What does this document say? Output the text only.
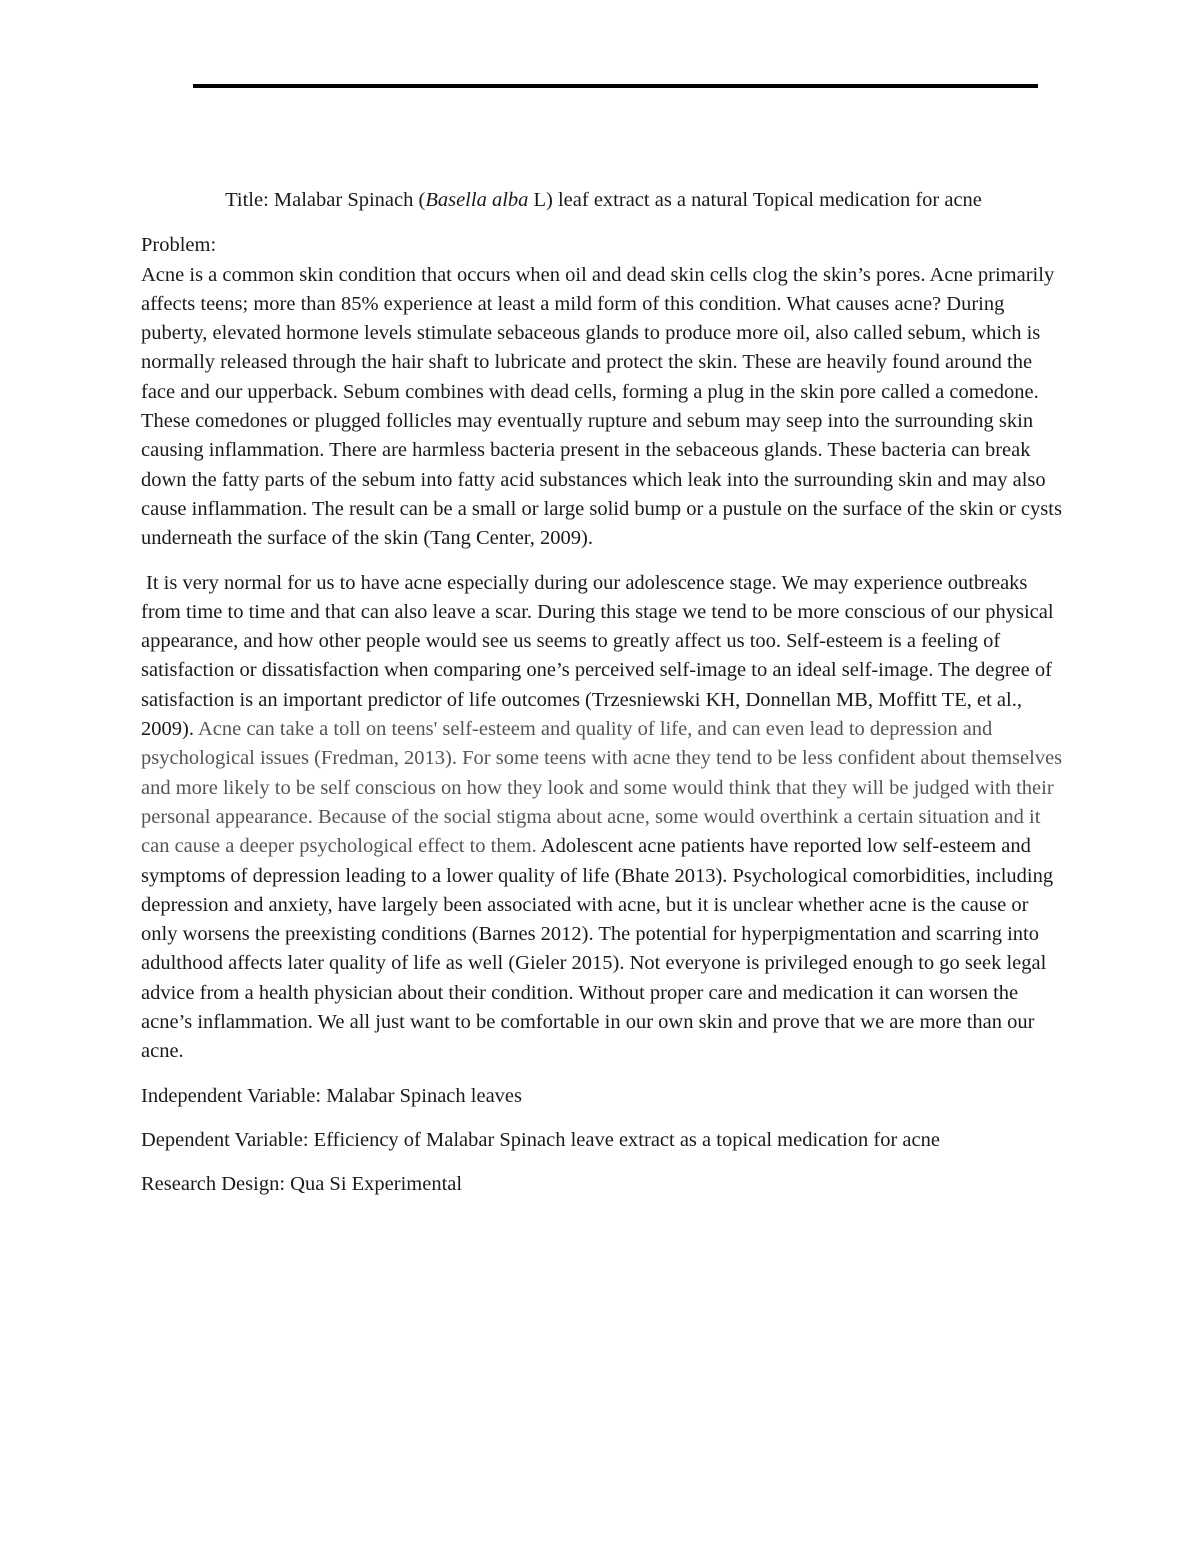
Title: Malabar Spinach (Basella alba L) leaf extract as a natural Topical medication for acne

Problem:

Acne is a common skin condition that occurs when oil and dead skin cells clog the skin’s pores. Acne primarily affects teens; more than 85% experience at least a mild form of this condition. What causes acne? During puberty, elevated hormone levels stimulate sebaceous glands to produce more oil, also called sebum, which is normally released through the hair shaft to lubricate and protect the skin. These are heavily found around the face and our upperback. Sebum combines with dead cells, forming a plug in the skin pore called a comedone. These comedones or plugged follicles may eventually rupture and sebum may seep into the surrounding skin causing inflammation. There are harmless bacteria present in the sebaceous glands. These bacteria can break down the fatty parts of the sebum into fatty acid substances which leak into the surrounding skin and may also cause inflammation. The result can be a small or large solid bump or a pustule on the surface of the skin or cysts underneath the surface of the skin (Tang Center, 2009).

It is very normal for us to have acne especially during our adolescence stage. We may experience outbreaks from time to time and that can also leave a scar. During this stage we tend to be more conscious of our physical appearance, and how other people would see us seems to greatly affect us too. Self-esteem is a feeling of satisfaction or dissatisfaction when comparing one’s perceived self-image to an ideal self-image. The degree of satisfaction is an important predictor of life outcomes (Trzesniewski KH, Donnellan MB, Moffitt TE, et al., 2009). Acne can take a toll on teens' self-esteem and quality of life, and can even lead to depression and psychological issues (Fredman, 2013). For some teens with acne they tend to be less confident about themselves and more likely to be self conscious on how they look and some would think that they will be judged with their personal appearance. Because of the social stigma about acne, some would overthink a certain situation and it can cause a deeper psychological effect to them. Adolescent acne patients have reported low self-esteem and symptoms of depression leading to a lower quality of life (Bhate 2013). Psychological comorbidities, including depression and anxiety, have largely been associated with acne, but it is unclear whether acne is the cause or only worsens the preexisting conditions (Barnes 2012). The potential for hyperpigmentation and scarring into adulthood affects later quality of life as well (Gieler 2015). Not everyone is privileged enough to go seek legal advice from a health physician about their condition. Without proper care and medication it can worsen the acne’s inflammation. We all just want to be comfortable in our own skin and prove that we are more than our acne.

Independent Variable: Malabar Spinach leaves

Dependent Variable: Efficiency of Malabar Spinach leave extract as a topical medication for acne

Research Design: Qua Si Experimental
